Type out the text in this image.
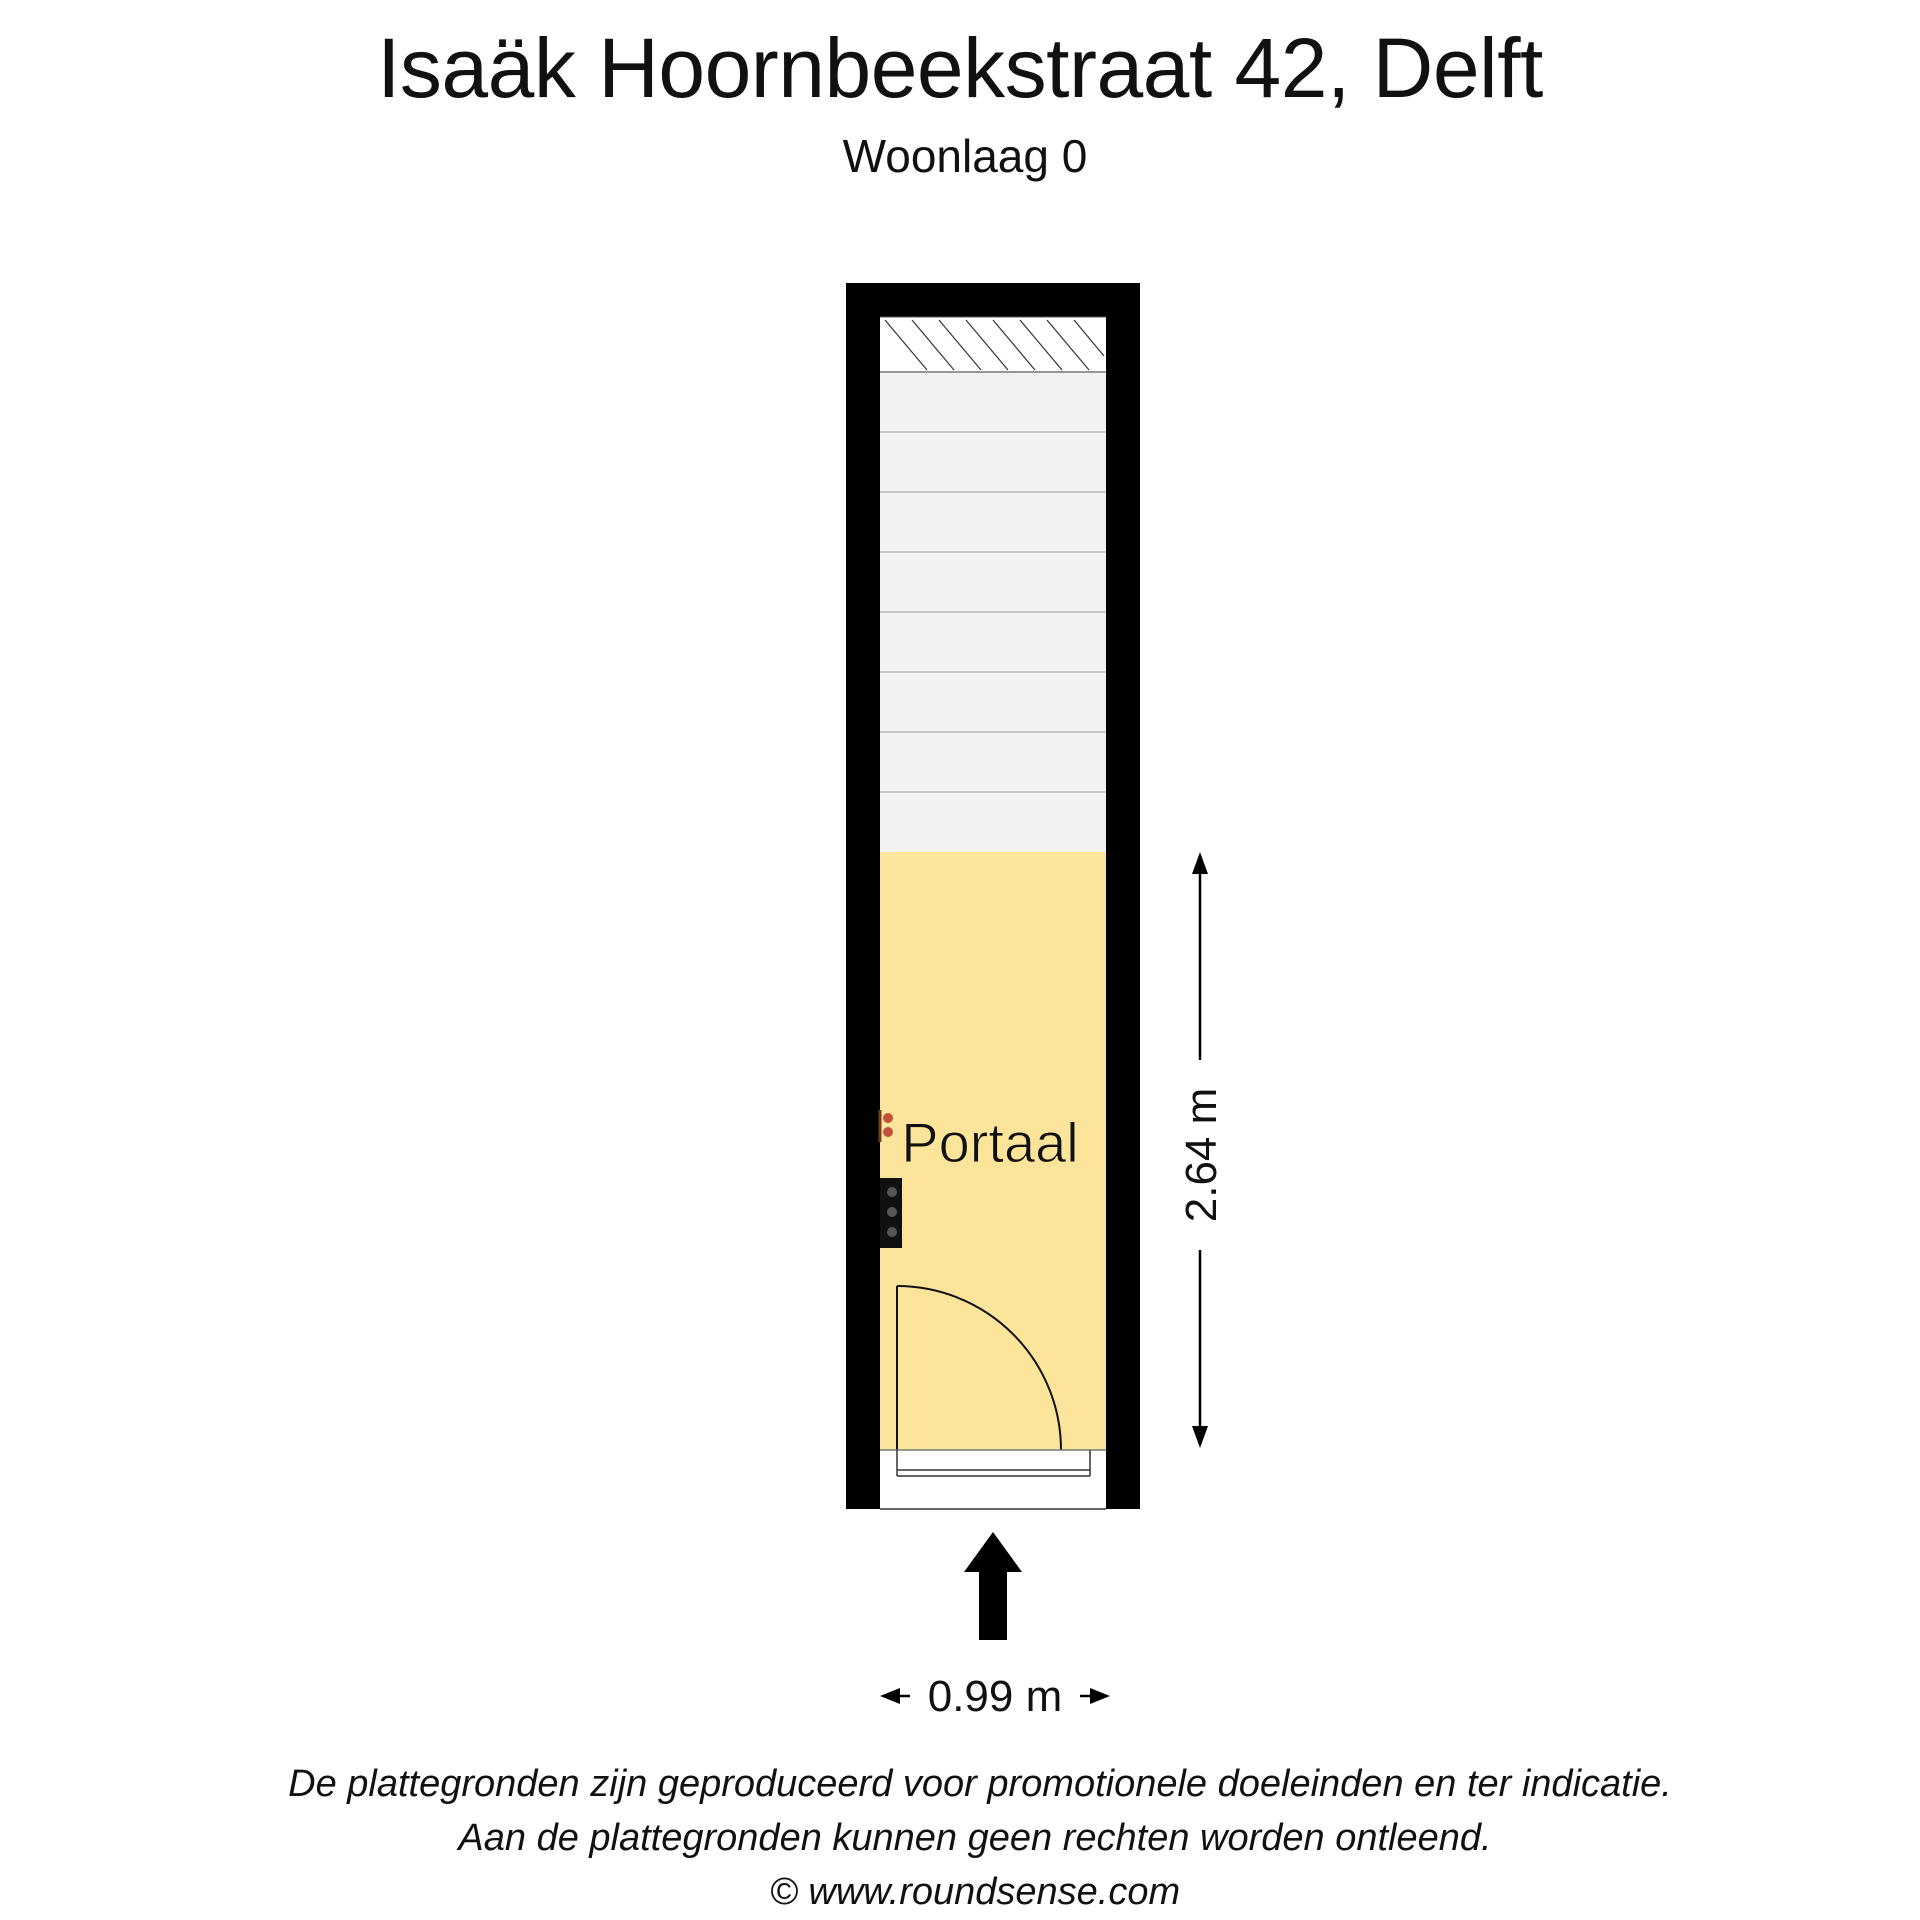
Isaäk Hoornbeekstraat 42, Delft
Woonlaag 0
Portaal 2.64 m
0.99 m
De plattegronden zijn geproduceerd voor promotionele doeleinden en ter indicatie.
Aan de plattegronden kunnen geen rechten worden ontleend.
© www.roundsense.com
